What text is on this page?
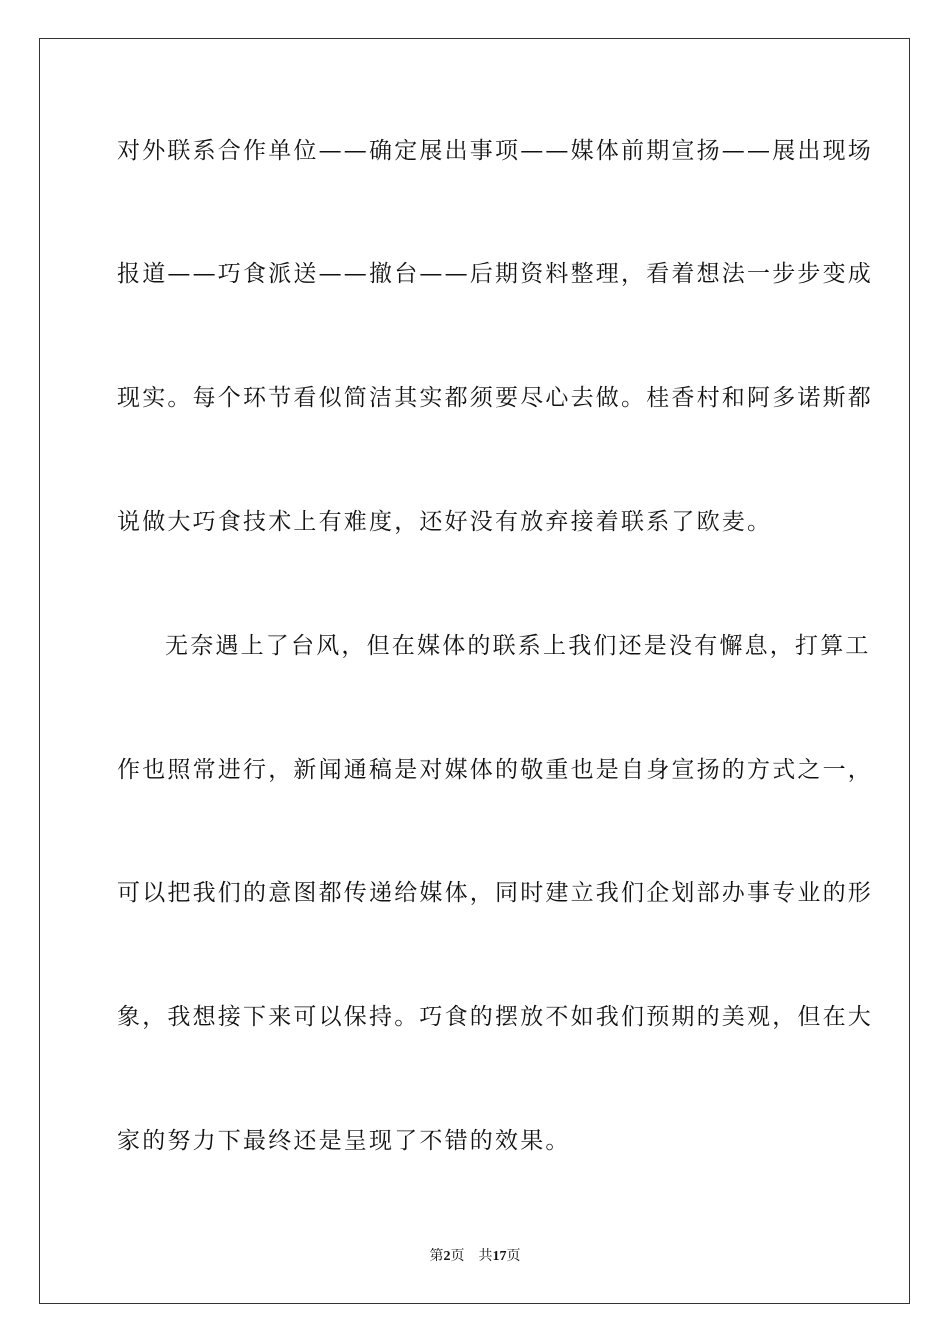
对外联系合作单位——确定展出事项——媒体前期宣扬——展出现场
报道——巧食派送——撤台——后期资料整理，看着想法一步步变成
现实。每个环节看似简洁其实都须要尽心去做。桂香村和阿多诺斯都
说做大巧食技术上有难度，还好没有放弃接着联系了欧麦。
无奈遇上了台风，但在媒体的联系上我们还是没有懈息，打算工
作也照常进行，新闻通稿是对媒体的敬重也是自身宣扬的方式之一，
可以把我们的意图都传递给媒体，同时建立我们企划部办事专业的形
象，我想接下来可以保持。巧食的摆放不如我们预期的美观，但在大
家的努力下最终还是呈现了不错的效果。
第2页 共17页
